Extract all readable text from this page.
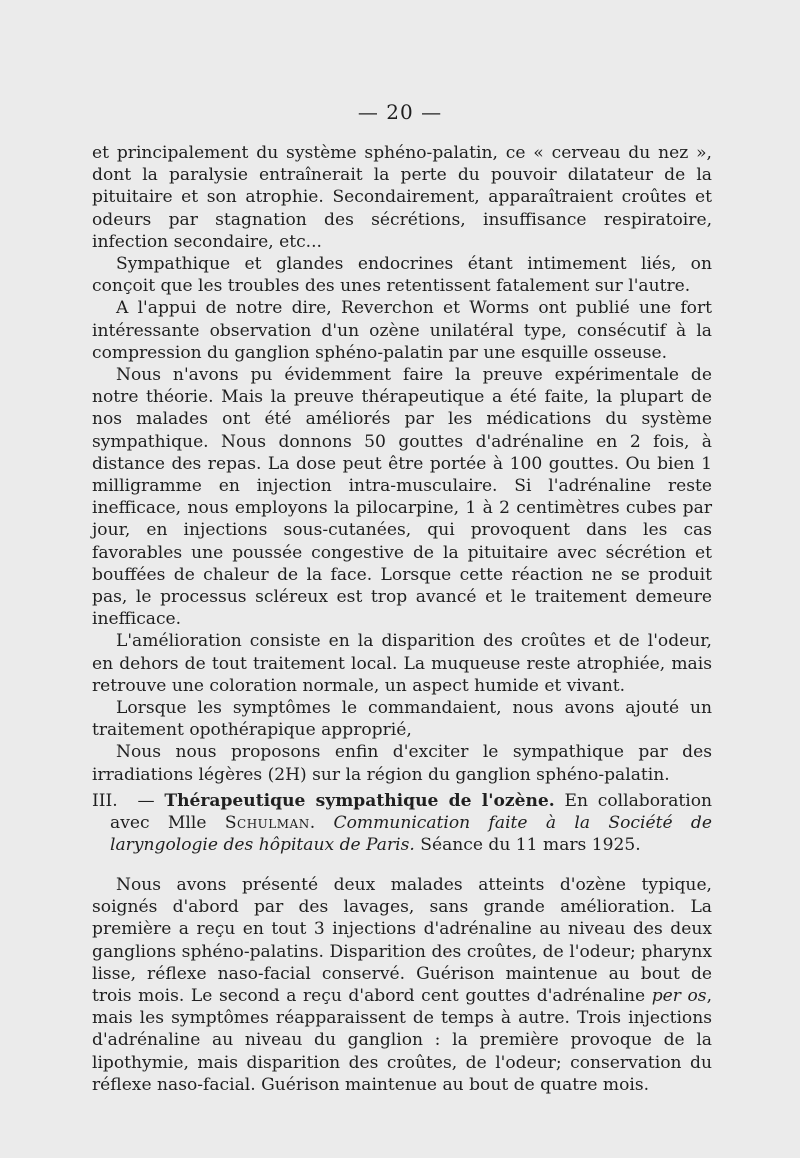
— 20 —

et principalement du système sphéno-palatin, ce « cerveau du nez », dont la paralysie entraînerait la perte du pouvoir dilatateur de la pituitaire et son atrophie. Secondairement, apparaîtraient croûtes et odeurs par stagnation des sécrétions, insuffisance respiratoire, infection secondaire, etc...

Sympathique et glandes endocrines étant intimement liés, on conçoit que les troubles des unes retentissent fatalement sur l'autre.

A l'appui de notre dire, Reverchon et Worms ont publié une fort intéressante observation d'un ozène unilatéral type, consécutif à la compression du ganglion sphéno-palatin par une esquille osseuse.

Nous n'avons pu évidemment faire la preuve expérimentale de notre théorie. Mais la preuve thérapeutique a été faite, la plupart de nos malades ont été améliorés par les médications du système sympathique. Nous donnons 50 gouttes d'adrénaline en 2 fois, à distance des repas. La dose peut être portée à 100 gouttes. Ou bien 1 milligramme en injection intra-musculaire. Si l'adrénaline reste inefficace, nous employons la pilocarpine, 1 à 2 centimètres cubes par jour, en injections sous-cutanées, qui provoquent dans les cas favorables une poussée congestive de la pituitaire avec sécrétion et bouffées de chaleur de la face. Lorsque cette réaction ne se produit pas, le processus scléreux est trop avancé et le traitement demeure inefficace.

L'amélioration consiste en la disparition des croûtes et de l'odeur, en dehors de tout traitement local. La muqueuse reste atrophiée, mais retrouve une coloration normale, un aspect humide et vivant.

Lorsque les symptômes le commandaient, nous avons ajouté un traitement opothérapique approprié,

Nous nous proposons enfin d'exciter le sympathique par des irradiations légères (2H) sur la région du ganglion sphéno-palatin.

III. — Thérapeutique sympathique de l'ozène. En collaboration avec Mlle Schulman. Communication faite à la Société de laryngologie des hôpitaux de Paris. Séance du 11 mars 1925.

Nous avons présenté deux malades atteints d'ozène typique, soignés d'abord par des lavages, sans grande amélioration. La première a reçu en tout 3 injections d'adrénaline au niveau des deux ganglions sphéno-palatins. Disparition des croûtes, de l'odeur; pharynx lisse, réflexe naso-facial conservé. Guérison maintenue au bout de trois mois. Le second a reçu d'abord cent gouttes d'adrénaline per os, mais les symptômes réapparaissent de temps à autre. Trois injections d'adrénaline au niveau du ganglion : la première provoque de la lipothymie, mais disparition des croûtes, de l'odeur; conservation du réflexe naso-facial. Guérison maintenue au bout de quatre mois.
